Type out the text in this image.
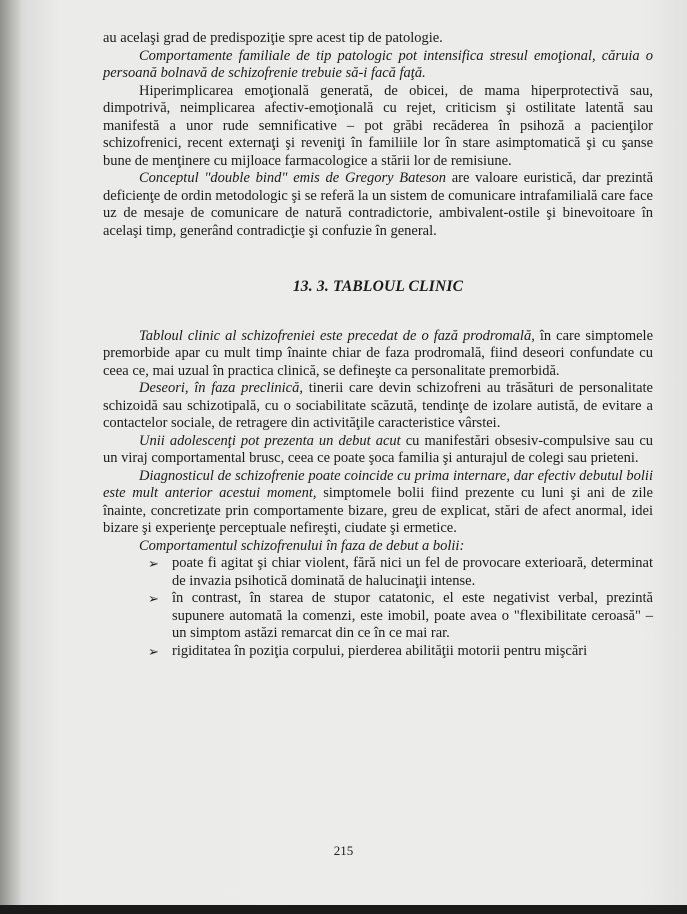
au acelaşi grad de predispoziţie spre acest tip de patologie.

Comportamente familiale de tip patologic pot intensifica stresul emoţional, căruia o persoană bolnavă de schizofrenie trebuie să-i facă faţă.

Hiperimplicarea emoţională generată, de obicei, de mama hiperprotectivă sau, dimpotrivă, neimplicarea afectiv-emoţională cu rejet, criticism şi ostilitate latentă sau manifestă a unor rude semnificative – pot grăbi recăderea în psihoză a pacienţilor schizofrenici, recent externaţi şi reveniţi în familiile lor în stare asimptomatică şi cu şanse bune de menţinere cu mijloace farmacologice a stării lor de remisiune.

Conceptul "double bind" emis de Gregory Bateson are valoare euristică, dar prezintă deficienţe de ordin metodologic şi se referă la un sistem de comunicare intrafamilială care face uz de mesaje de comunicare de natură contradictorie, ambivalent-ostile şi binevoitoare în acelaşi timp, generând contradicţie şi confuzie în general.

13. 3. TABLOUL CLINIC

Tabloul clinic al schizofreniei este precedat de o fază prodromală, în care simptomele premorbide apar cu mult timp înainte chiar de faza prodromală, fiind deseori confundate cu ceea ce, mai uzual în practica clinică, se defineşte ca personalitate premorbidă.

Deseori, în faza preclinică, tinerii care devin schizofreni au trăsături de personalitate schizoidă sau schizotipală, cu o sociabilitate scăzută, tendinţe de izolare autistă, de evitare a contactelor sociale, de retragere din activităţile caracteristice vârstei.

Unii adolescenţi pot prezenta un debut acut cu manifestări obsesiv-compulsive sau cu un viraj comportamental brusc, ceea ce poate şoca familia şi anturajul de colegi sau prieteni.

Diagnosticul de schizofrenie poate coincide cu prima internare, dar efectiv debutul bolii este mult anterior acestui moment, simptomele bolii fiind prezente cu luni şi ani de zile înainte, concretizate prin comportamente bizare, greu de explicat, stări de afect anormal, idei bizare şi experienţe perceptuale nefireşti, ciudate şi ermetice.

Comportamentul schizofrenului în faza de debut a bolii:

➢ poate fi agitat şi chiar violent, fără nici un fel de provocare exterioară, determinat de invazia psihotică dominată de halucinaţii intense.
➢ în contrast, în starea de stupor catatonic, el este negativist verbal, prezintă supunere automată la comenzi, este imobil, poate avea o "flexibilitate ceroasă" – un simptom astăzi remarcat din ce în ce mai rar.
➢ rigiditatea în poziţia corpului, pierderea abilităţii motorii pentru mişcări
215
